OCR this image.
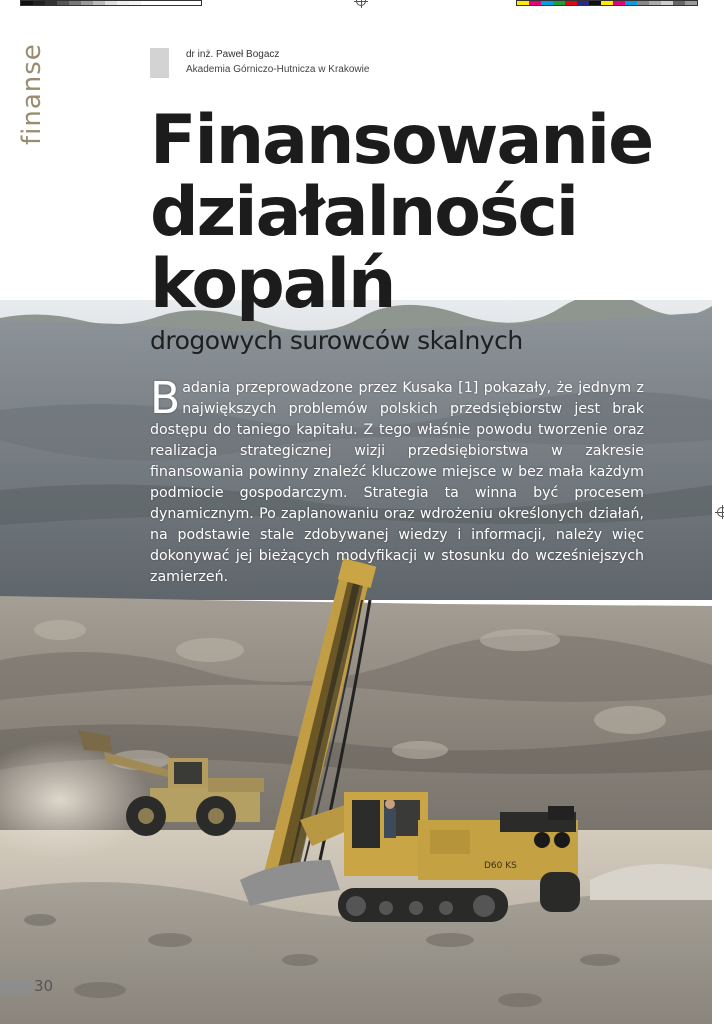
D60 KS
finanse	dr inż. Paweł Bogacz
Akademia Górniczo-Hutnicza w Krakowie
Finansowanie
działalności
kopalń
drogowych surowców skalnych

Badania przeprowadzone przez Kusaka [1] pokazały, że jednym z największych problemów polskich przedsiębiorstw jest brak dostępu do taniego kapitału. Z tego właśnie powodu tworzenie oraz realizacja strategicznej wizji przedsiębiorstwa w zakresie finansowania powinny znaleźć kluczowe miejsce w bez mała każdym podmiocie gospodarczym. Strategia ta winna być procesem dynamicznym. Po zaplanowaniu oraz wdrożeniu określonych działań, na podstawie stale zdobywanej wiedzy i informacji, należy więc dokonywać jej bieżących modyfikacji w stosunku do wcześniejszych zamierzeń.

30
